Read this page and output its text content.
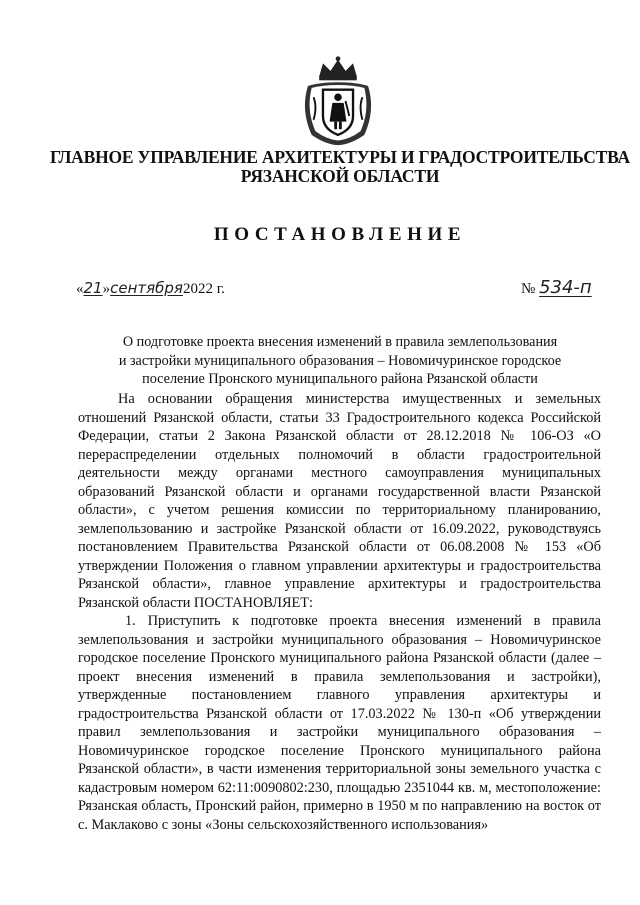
ГЛАВНОЕ УПРАВЛЕНИЕ АРХИТЕКТУРЫ И ГРАДОСТРОИТЕЛЬСТВА
РЯЗАНСКОЙ ОБЛАСТИ
ПОСТАНОВЛЕНИЕ
«21»сентября2022 г.	№ 534-п
О подготовке проекта внесения изменений в правила землепользования
и застройки муниципального образования – Новомичуринское городское
поселение Пронского муниципального района Рязанской области

На основании обращения министерства имущественных и земельных отношений Рязанской области, статьи 33 Градостроительного кодекса Российской Федерации, статьи 2 Закона Рязанской области от 28.12.2018 № 106-ОЗ «О перераспределении отдельных полномочий в области градостроительной деятельности между органами местного самоуправления муниципальных образований Рязанской области и органами государственной власти Рязанской области», с учетом решения комиссии по территориальному планированию, землепользованию и застройке Рязанской области от 16.09.2022, руководствуясь постановлением Правительства Рязанской области от 06.08.2008 № 153 «Об утверждении Положения о главном управлении архитектуры и градостроительства Рязанской области», главное управление архитектуры и градостроительства Рязанской области ПОСТАНОВЛЯЕТ:

1. Приступить к подготовке проекта внесения изменений в правила землепользования и застройки муниципального образования – Новомичуринское городское поселение Пронского муниципального района Рязанской области (далее – проект внесения изменений в правила землепользования и застройки), утвержденные постановлением главного управления архитектуры и градостроительства Рязанской области от 17.03.2022 № 130-п «Об утверждении правил землепользования и застройки муниципального образования – Новомичуринское городское поселение Пронского муниципального района Рязанской области», в части изменения территориальной зоны земельного участка с кадастровым номером 62:11:0090802:230, площадью 2351044 кв. м, местоположение: Рязанская область, Пронский район, примерно в 1950 м по направлению на восток от с. Маклаково с зоны «Зоны сельскохозяйственного использования»
